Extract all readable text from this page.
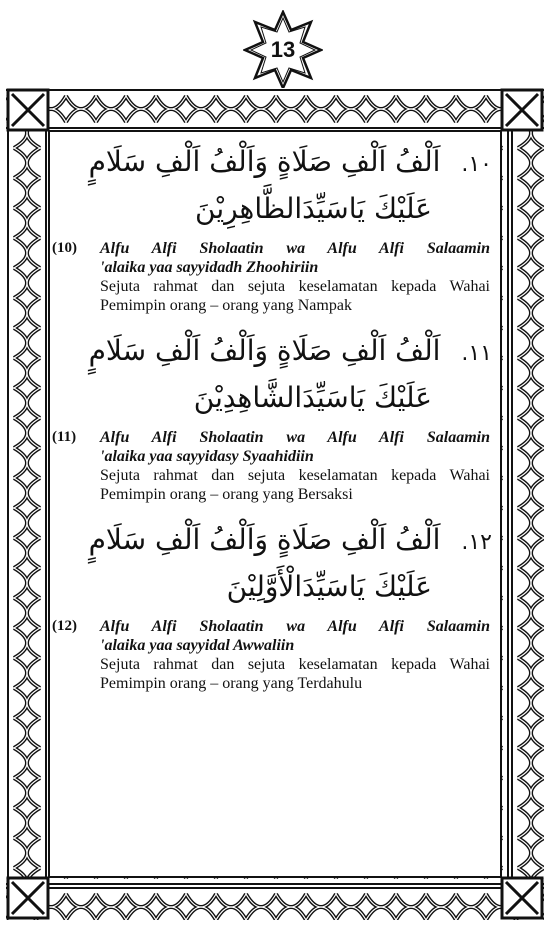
13
١٠. اَلْفُ اَلْفِ صَلَاةٍ وَاَلْفُ اَلْفِ سَلَامٍ
عَلَيْكَ يَاسَيِّدَالظَّاهِرِيْنَ
(10)	Alfu Alfi Sholaatin wa Alfu Alfi Salaamin
'alaika yaa sayyidadh Zhoohiriin
Sejuta rahmat dan sejuta keselamatan kepada Wahai Pemimpin orang – orang yang Nampak
١١. اَلْفُ اَلْفِ صَلَاةٍ وَاَلْفُ اَلْفِ سَلَامٍ
عَلَيْكَ يَاسَيِّدَالشَّاهِدِيْنَ
(11)	Alfu Alfi Sholaatin wa Alfu Alfi Salaamin
'alaika yaa sayyidasy Syaahidiin
Sejuta rahmat dan sejuta keselamatan kepada Wahai Pemimpin orang – orang yang Bersaksi
١٢. اَلْفُ اَلْفِ صَلَاةٍ وَاَلْفُ اَلْفِ سَلَامٍ
عَلَيْكَ يَاسَيِّدَالْأَوَّلِيْنَ
(12)	Alfu Alfi Sholaatin wa Alfu Alfi Salaamin
'alaika yaa sayyidal Awwaliin
Sejuta rahmat dan sejuta keselamatan kepada Wahai Pemimpin orang – orang yang Terdahulu
